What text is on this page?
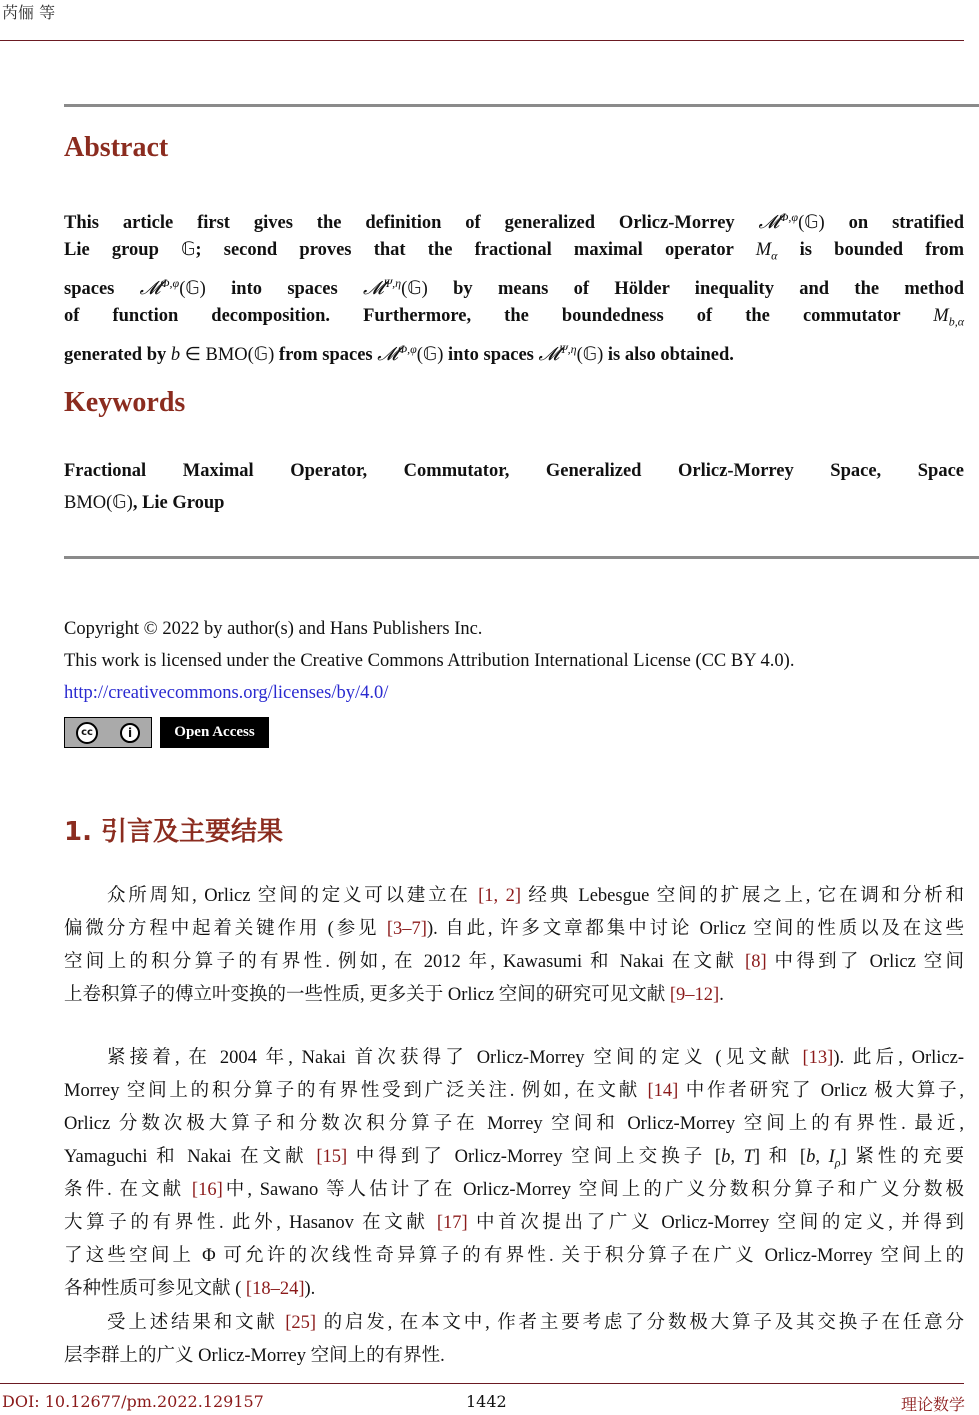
芮俪 等
Abstract
This article first gives the definition of generalized Orlicz-Morrey 𝓜$^{\Phi,\varphi}$(𝔾) on stratified
Lie group 𝔾; second proves that the fractional maximal operator $M_\alpha$ is bounded from
spaces 𝓜$^{\Phi,\varphi}$(𝔾) into spaces 𝓜$^{\Psi,\eta}$(𝔾) by means of Hölder inequality and the method
of function decomposition. Furthermore, the boundedness of the commutator $M_{b,\alpha}$
generated by b ∈ BMO(𝔾) from spaces 𝓜$^{\Phi,\varphi}$(𝔾) into spaces 𝓜$^{\Psi,\eta}$(𝔾) is also obtained.
Keywords
Fractional Maximal Operator, Commutator, Generalized Orlicz-Morrey Space, Space
BMO(𝔾), Lie Group
Copyright © 2022 by author(s) and Hans Publishers Inc.
This work is licensed under the Creative Commons Attribution International License (CC BY 4.0).
http://creativecommons.org/licenses/by/4.0/
cc	i	Open Access
1. 引言及主要结果
众所周知, Orlicz 空间的定义可以建立在 [1, 2] 经典 Lebesgue 空间的扩展之上, 它在调和分析和
偏微分方程中起着关键作用 (参见 [3–7]). 自此, 许多文章都集中讨论 Orlicz 空间的性质以及在这些
空间上的积分算子的有界性. 例如, 在 2012 年, Kawasumi 和 Nakai 在文献 [8] 中得到了 Orlicz 空间
上卷积算子的傅立叶变换的一些性质, 更多关于 Orlicz 空间的研究可见文献 [9–12].
紧接着, 在 2004 年, Nakai 首次获得了 Orlicz-Morrey 空间的定义 (见文献 [13]). 此后, Orlicz-
Morrey 空间上的积分算子的有界性受到广泛关注. 例如, 在文献 [14] 中作者研究了 Orlicz 极大算子,
Orlicz 分数次极大算子和分数次积分算子在 Morrey 空间和 Orlicz-Morrey 空间上的有界性. 最近,
Yamaguchi 和 Nakai 在文献 [15] 中得到了 Orlicz-Morrey 空间上交换子 [b, T] 和 [b, $I_\rho$] 紧性的充要
条件. 在文献 [16]中, Sawano 等人估计了在 Orlicz-Morrey 空间上的广义分数积分算子和广义分数极
大算子的有界性. 此外, Hasanov 在文献 [17] 中首次提出了广义 Orlicz-Morrey 空间的定义, 并得到
了这些空间上 Φ 可允许的次线性奇异算子的有界性. 关于积分算子在广义 Orlicz-Morrey 空间上的
各种性质可参见文献 ( [18–24]).
受上述结果和文献 [25] 的启发, 在本文中, 作者主要考虑了分数极大算子及其交换子在任意分
层李群上的广义 Orlicz-Morrey 空间上的有界性.
DOI: 10.12677/pm.2022.129157	1442	理论数学
